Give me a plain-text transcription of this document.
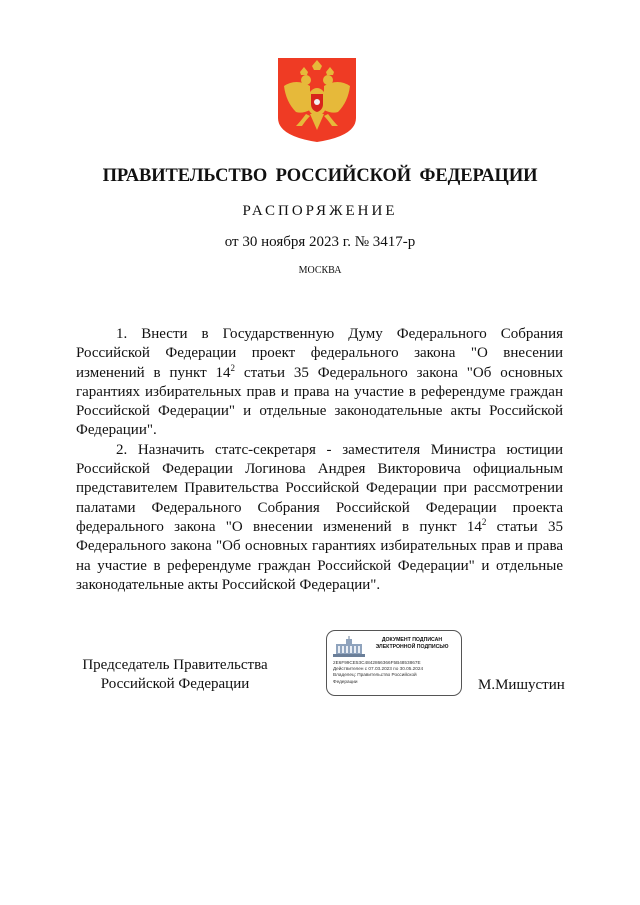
ПРАВИТЕЛЬСТВО РОССИЙСКОЙ ФЕДЕРАЦИИ
РАСПОРЯЖЕНИЕ
от 30 ноября 2023 г. № 3417-р
МОСКВА

1. Внести в Государственную Думу Федерального Собрания Российской Федерации проект федерального закона "О внесении изменений в пункт $14^2$ статьи 35 Федерального закона "Об основных гарантиях избирательных прав и права на участие в референдуме граждан Российской Федерации" и отдельные законодательные акты Российской Федерации".

2. Назначить статс-секретаря - заместителя Министра юстиции Российской Федерации Логинова Андрея Викторовича официальным представителем Правительства Российской Федерации при рассмотрении палатами Федерального Собрания Российской Федерации проекта федерального закона "О внесении изменений в пункт $14^2$ статьи 35 Федерального закона "Об основных гарантиях избирательных прав и права на участие в референдуме граждан Российской Федерации" и отдельные законодательные акты Российской Федерации".

Председатель Правительства
Российской Федерации
ДОКУМЕНТ ПОДПИСАН
ЭЛЕКТРОННОЙ ПОДПИСЬЮ
2E6F99CE53C4842866366F5B4853867E
Действителен с 07.03.2023 по 30.05.2024
Владелец: Правительство Российской
Федерации	М.Мишустин
